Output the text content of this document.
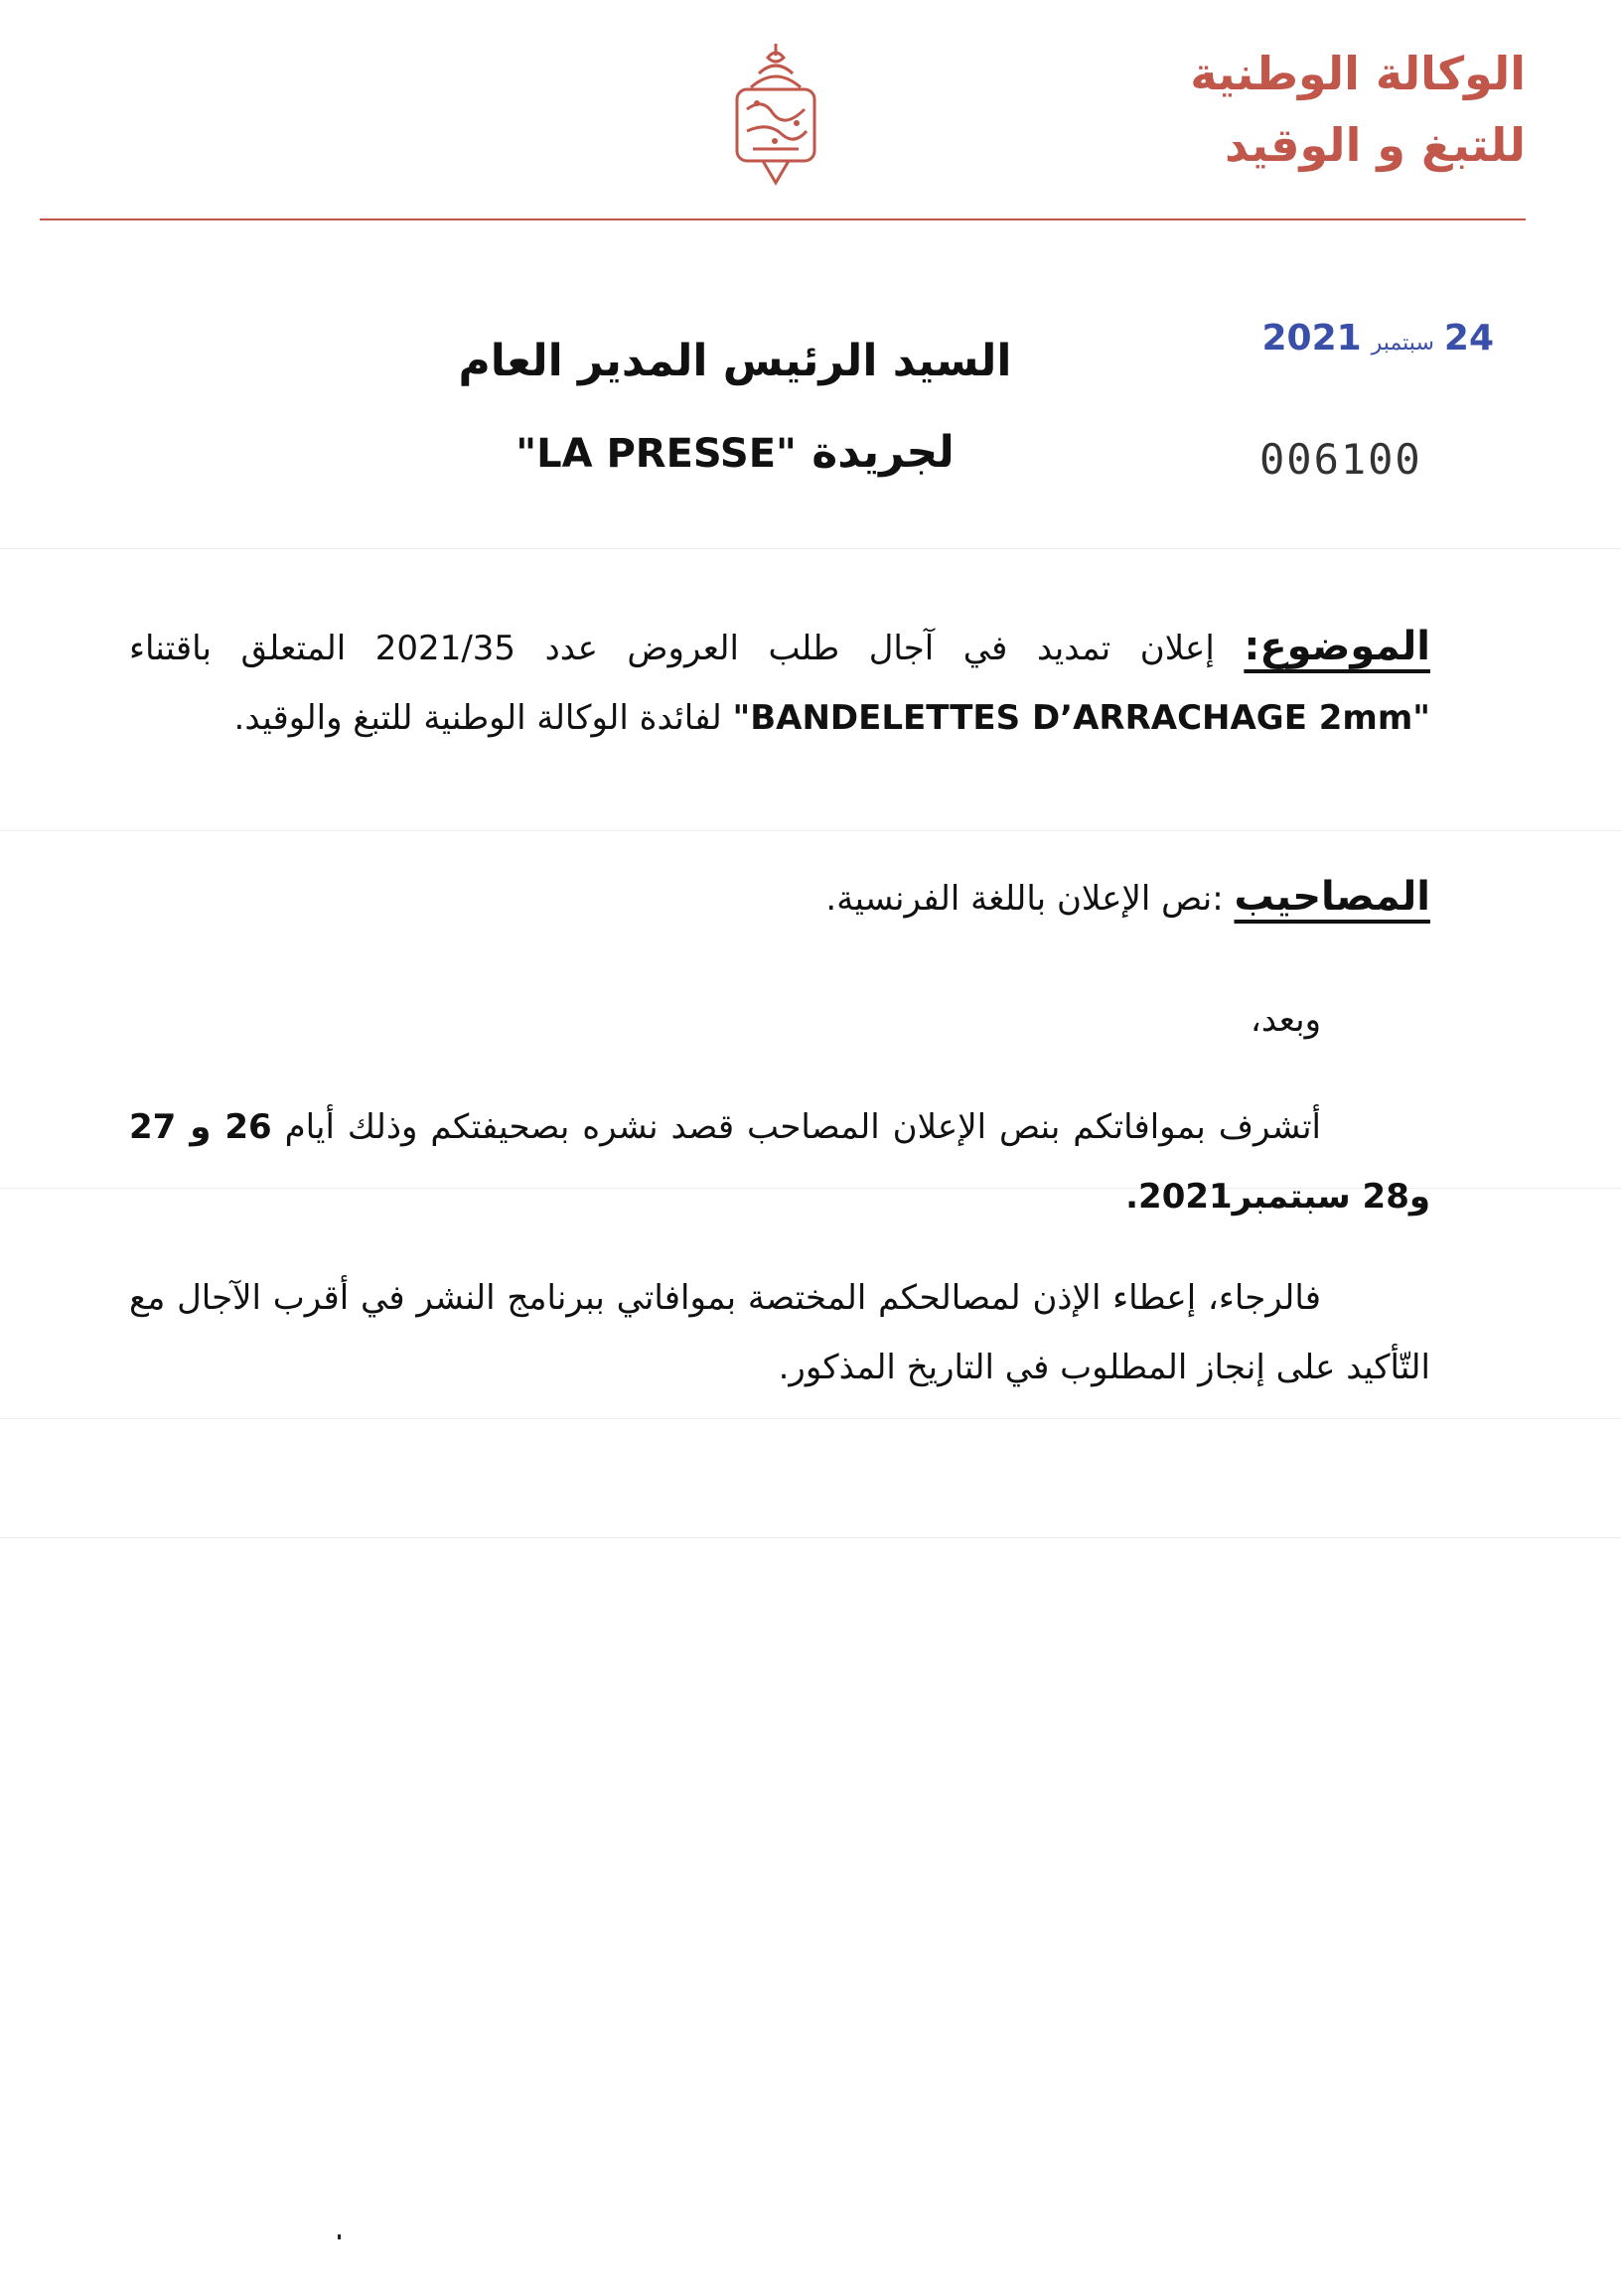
الوكالة الوطنية
للتبغ و الوقيد
السيد الرئيس المدير العام
لجريدة "LA PRESSE"
24سبتمبر2021
006100
الموضوع: إعلان تمديد في آجال طلب العروض عدد 2021/35 المتعلق باقتناء "BANDELETTES D’ARRACHAGE 2mm" لفائدة الوكالة الوطنية للتبغ والوقيد.
المصاحيب :نص الإعلان باللغة الفرنسية.
وبعد،
أتشرف بموافاتكم بنص الإعلان المصاحب قصد نشره بصحيفتكم وذلك أيام 26 و 27 و28 سبتمبر2021.
فالرجاء، إعطاء الإذن لمصالحكم المختصة بموافاتي ببرنامج النشر في أقرب الآجال مع التّأكيد على إنجاز المطلوب في التاريخ المذكور.
